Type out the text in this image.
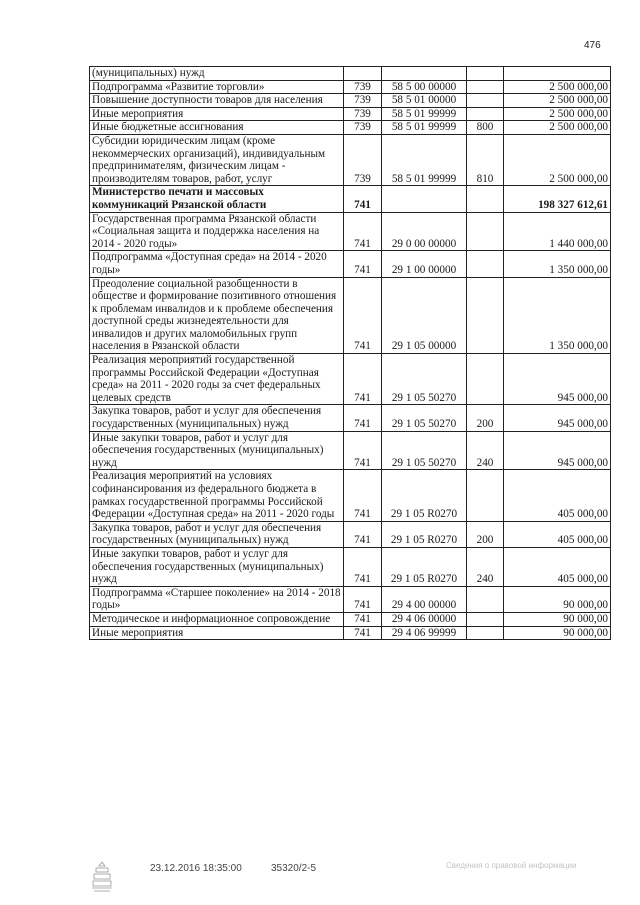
476
(муниципальных) нужд				
Подпрограмма «Развитие торговли»	739	58 5 00 00000		2 500 000,00
Повышение доступности товаров для населения	739	58 5 01 00000		2 500 000,00
Иные мероприятия	739	58 5 01 99999		2 500 000,00
Иные бюджетные ассигнования	739	58 5 01 99999	800	2 500 000,00
Субсидии юридическим лицам (кроме некоммерческих организаций), индивидуальным предпринимателям, физическим лицам - производителям товаров, работ, услуг	739	58 5 01 99999	810	2 500 000,00
Министерство печати и массовых коммуникаций Рязанской области	741			198 327 612,61
Государственная программа Рязанской области «Социальная защита и поддержка населения на 2014 - 2020 годы»	741	29 0 00 00000		1 440 000,00
Подпрограмма «Доступная среда» на 2014 - 2020 годы»	741	29 1 00 00000		1 350 000,00
Преодоление социальной разобщенности в обществе и формирование позитивного отношения к проблемам инвалидов и к проблеме обеспечения доступной среды жизнедеятельности для инвалидов и других маломобильных групп населения в Рязанской области	741	29 1 05 00000		1 350 000,00
Реализация мероприятий государственной программы Российской Федерации «Доступная среда» на 2011 - 2020 годы за счет федеральных целевых средств	741	29 1 05 50270		945 000,00
Закупка товаров, работ и услуг для обеспечения государственных (муниципальных) нужд	741	29 1 05 50270	200	945 000,00
Иные закупки товаров, работ и услуг для обеспечения государственных (муниципальных) нужд	741	29 1 05 50270	240	945 000,00
Реализация мероприятий на условиях софинансирования из федерального бюджета в рамках государственной программы Российской Федерации «Доступная среда» на 2011 - 2020 годы	741	29 1 05 R0270		405 000,00
Закупка товаров, работ и услуг для обеспечения государственных (муниципальных) нужд	741	29 1 05 R0270	200	405 000,00
Иные закупки товаров, работ и услуг для обеспечения государственных (муниципальных) нужд	741	29 1 05 R0270	240	405 000,00
Подпрограмма «Старшее поколение» на 2014 - 2018 годы»	741	29 4 00 00000		90 000,00
Методическое и информационное сопровождение	741	29 4 06 00000		90 000,00
Иные мероприятия	741	29 4 06 99999		90 000,00
23.12.2016 18:35:00	35320/2-5	Сведения о правовой информации
